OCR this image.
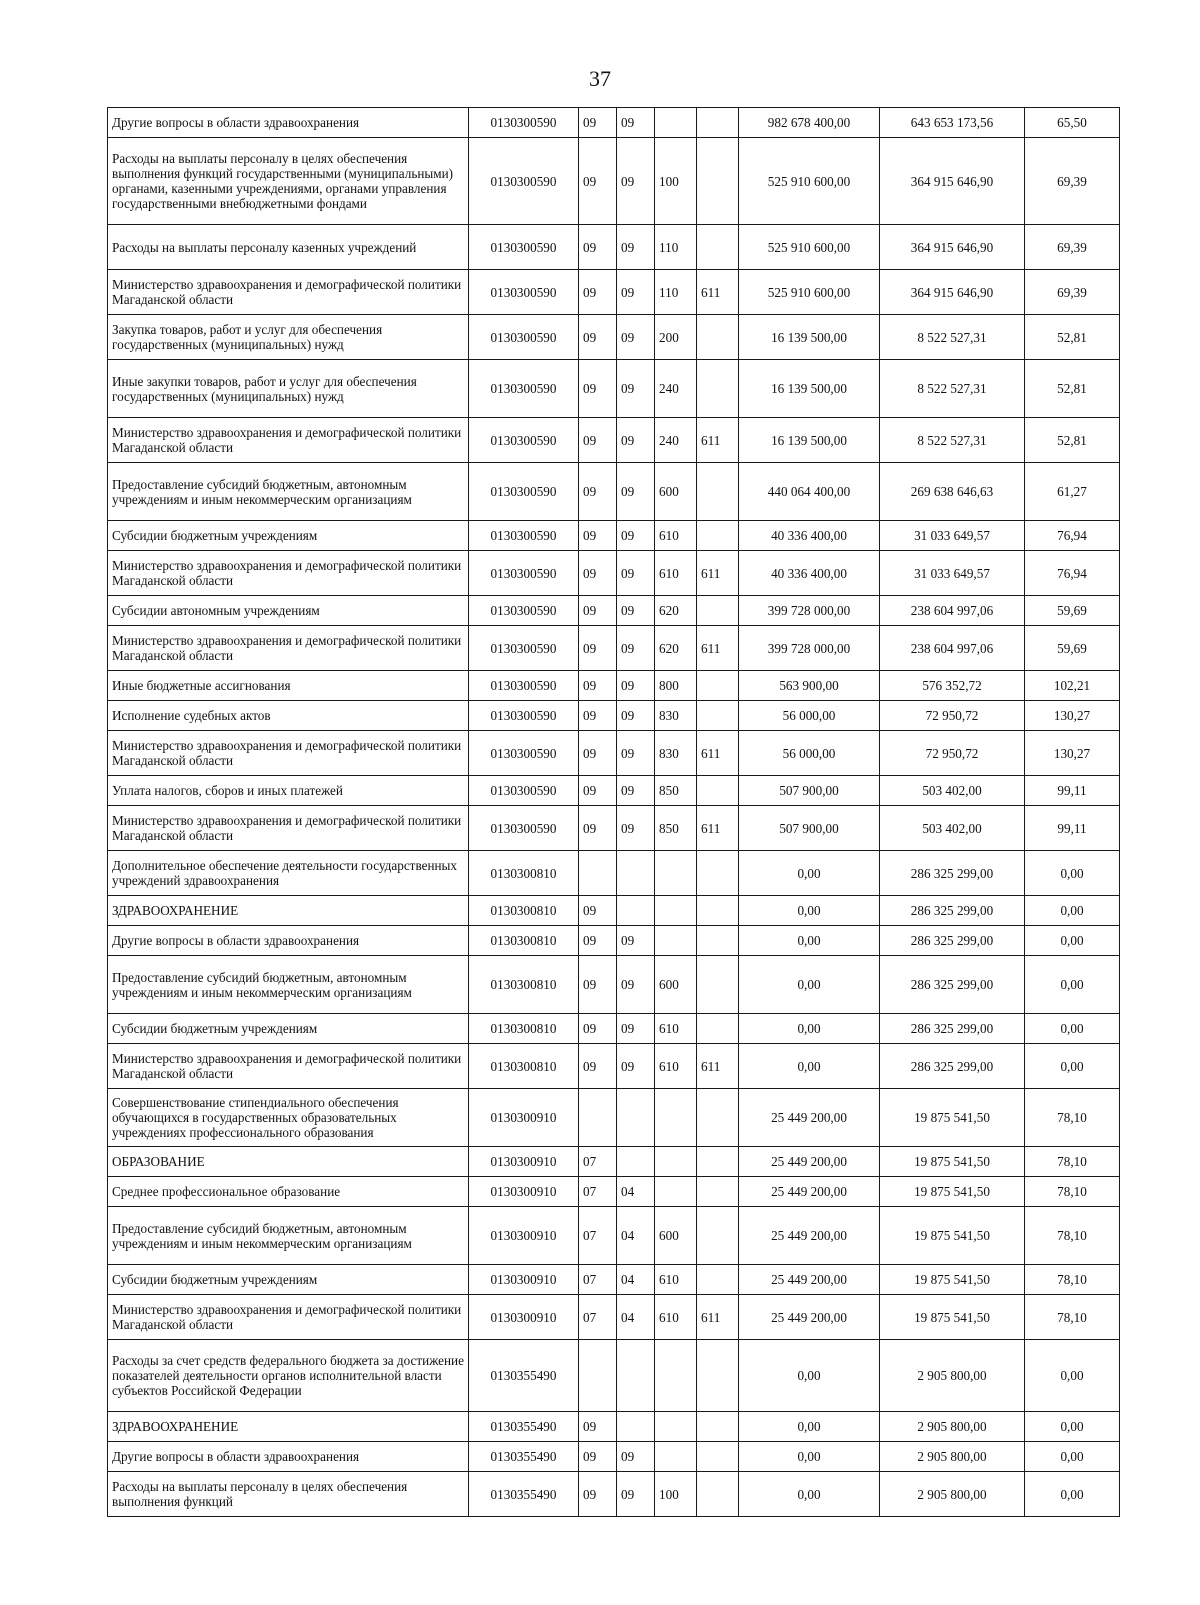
37
Другие вопросы в области здравоохранения	0130300590	09	09			982 678 400,00	643 653 173,56	65,50
Расходы на выплаты персоналу в целях обеспечения выполнения функций государственными (муниципальными) органами, казенными учреждениями, органами управления государственными внебюджетными фондами	0130300590	09	09	100		525 910 600,00	364 915 646,90	69,39
Расходы на выплаты персоналу казенных учреждений	0130300590	09	09	110		525 910 600,00	364 915 646,90	69,39
Министерство здравоохранения и демографической политики Магаданской области	0130300590	09	09	110	611	525 910 600,00	364 915 646,90	69,39
Закупка товаров, работ и услуг для обеспечения государственных (муниципальных) нужд	0130300590	09	09	200		16 139 500,00	8 522 527,31	52,81
Иные закупки товаров, работ и услуг для обеспечения государственных (муниципальных) нужд	0130300590	09	09	240		16 139 500,00	8 522 527,31	52,81
Министерство здравоохранения и демографической политики Магаданской области	0130300590	09	09	240	611	16 139 500,00	8 522 527,31	52,81
Предоставление субсидий бюджетным, автономным учреждениям и иным некоммерческим организациям	0130300590	09	09	600		440 064 400,00	269 638 646,63	61,27
Субсидии бюджетным учреждениям	0130300590	09	09	610		40 336 400,00	31 033 649,57	76,94
Министерство здравоохранения и демографической политики Магаданской области	0130300590	09	09	610	611	40 336 400,00	31 033 649,57	76,94
Субсидии автономным учреждениям	0130300590	09	09	620		399 728 000,00	238 604 997,06	59,69
Министерство здравоохранения и демографической политики Магаданской области	0130300590	09	09	620	611	399 728 000,00	238 604 997,06	59,69
Иные бюджетные ассигнования	0130300590	09	09	800		563 900,00	576 352,72	102,21
Исполнение судебных актов	0130300590	09	09	830		56 000,00	72 950,72	130,27
Министерство здравоохранения и демографической политики Магаданской области	0130300590	09	09	830	611	56 000,00	72 950,72	130,27
Уплата налогов, сборов и иных платежей	0130300590	09	09	850		507 900,00	503 402,00	99,11
Министерство здравоохранения и демографической политики Магаданской области	0130300590	09	09	850	611	507 900,00	503 402,00	99,11
Дополнительное обеспечение деятельности государственных учреждений здравоохранения	0130300810					0,00	286 325 299,00	0,00
ЗДРАВООХРАНЕНИЕ	0130300810	09				0,00	286 325 299,00	0,00
Другие вопросы в области здравоохранения	0130300810	09	09			0,00	286 325 299,00	0,00
Предоставление субсидий бюджетным, автономным учреждениям и иным некоммерческим организациям	0130300810	09	09	600		0,00	286 325 299,00	0,00
Субсидии бюджетным учреждениям	0130300810	09	09	610		0,00	286 325 299,00	0,00
Министерство здравоохранения и демографической политики Магаданской области	0130300810	09	09	610	611	0,00	286 325 299,00	0,00
Совершенствование стипендиального обеспечения обучающихся в государственных образовательных учреждениях профессионального образования	0130300910					25 449 200,00	19 875 541,50	78,10
ОБРАЗОВАНИЕ	0130300910	07				25 449 200,00	19 875 541,50	78,10
Среднее профессиональное образование	0130300910	07	04			25 449 200,00	19 875 541,50	78,10
Предоставление субсидий бюджетным, автономным учреждениям и иным некоммерческим организациям	0130300910	07	04	600		25 449 200,00	19 875 541,50	78,10
Субсидии бюджетным учреждениям	0130300910	07	04	610		25 449 200,00	19 875 541,50	78,10
Министерство здравоохранения и демографической политики Магаданской области	0130300910	07	04	610	611	25 449 200,00	19 875 541,50	78,10
Расходы за счет средств федерального бюджета за достижение показателей деятельности органов исполнительной власти субъектов Российской Федерации	0130355490					0,00	2 905 800,00	0,00
ЗДРАВООХРАНЕНИЕ	0130355490	09				0,00	2 905 800,00	0,00
Другие вопросы в области здравоохранения	0130355490	09	09			0,00	2 905 800,00	0,00
Расходы на выплаты персоналу в целях обеспечения выполнения функций	0130355490	09	09	100		0,00	2 905 800,00	0,00
